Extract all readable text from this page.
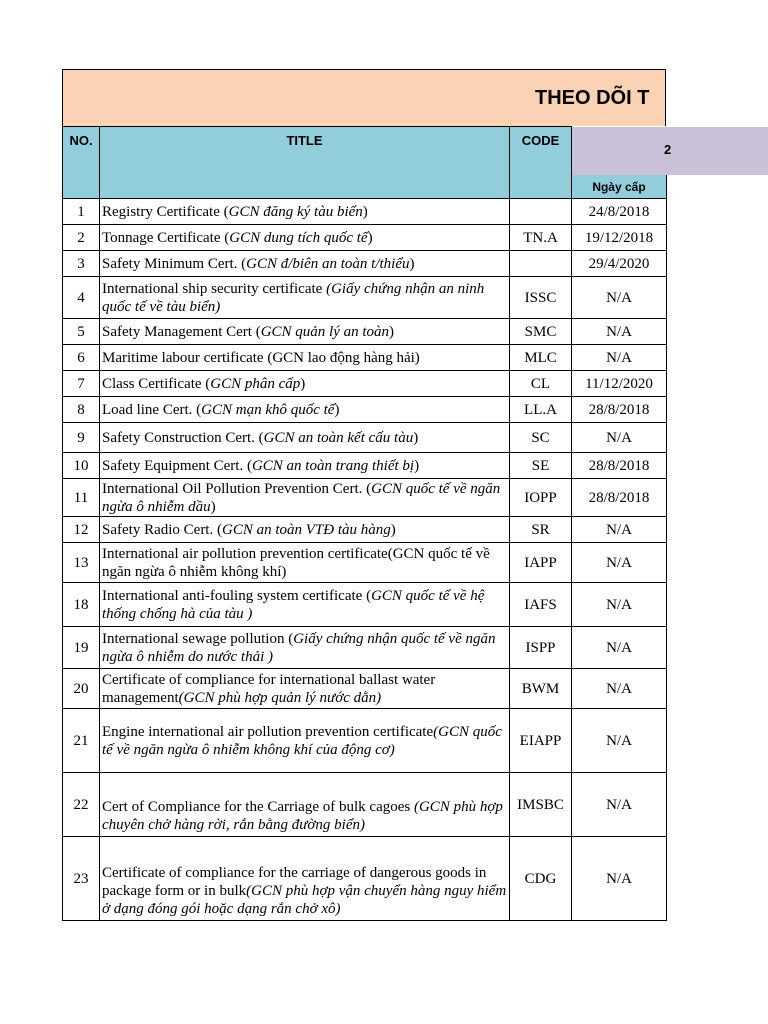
THEO DÕI T
NO.	TITLE	CODE	
			Ngày cấp
1	Registry Certificate (GCN đăng ký tàu biển)		24/8/2018
2	Tonnage Certificate (GCN dung tích quốc tế)	TN.A	19/12/2018
3	Safety Minimum Cert. (GCN đ/biên an toàn t/thiểu)		29/4/2020
4	International ship security certificate (Giấy chứng nhận an ninh quốc tế về tàu biển)	ISSC	N/A
5	Safety Management Cert (GCN quản lý an toàn)	SMC	N/A
6	Maritime labour certificate (GCN lao động hàng hải)	MLC	N/A
7	Class Certificate (GCN phân cấp)	CL	11/12/2020
8	Load line Cert. (GCN mạn khô quốc tế)	LL.A	28/8/2018
9	Safety Construction Cert. (GCN an toàn kết cấu tàu)	SC	N/A
10	Safety Equipment Cert. (GCN an toàn trang thiết bị)	SE	28/8/2018
11	International Oil Pollution Prevention Cert. (GCN quốc tế về ngăn ngừa ô nhiễm dầu)	IOPP	28/8/2018
12	Safety Radio Cert. (GCN an toàn VTĐ tàu hàng)	SR	N/A
13	International air pollution prevention certificate(GCN quốc tế về ngăn ngừa ô nhiễm không khí)	IAPP	N/A
18	International anti-fouling system certificate (GCN quốc tế về hệ thống chống hà của tàu )	IAFS	N/A
19	International sewage pollution (Giấy chứng nhận quốc tế về ngăn ngừa ô nhiễm do nước thải )	ISPP	N/A
20	Certificate of compliance for international ballast water management(GCN phù hợp quản lý nước dằn)	BWM	N/A
21	Engine international air pollution prevention certificate(GCN quốc tế về ngăn ngừa ô nhiễm không khí của động cơ)	EIAPP	N/A
22	Cert of Compliance for the Carriage of bulk cagoes (GCN phù hợp chuyên chở hàng rời, rắn bằng đường biển)	IMSBC	N/A
23	Certificate of compliance for the carriage of dangerous goods in package form or in bulk(GCN phù hợp vận chuyển hàng nguy hiểm ở dạng đóng gói hoặc dạng rắn chở xô)	CDG	N/A
2
